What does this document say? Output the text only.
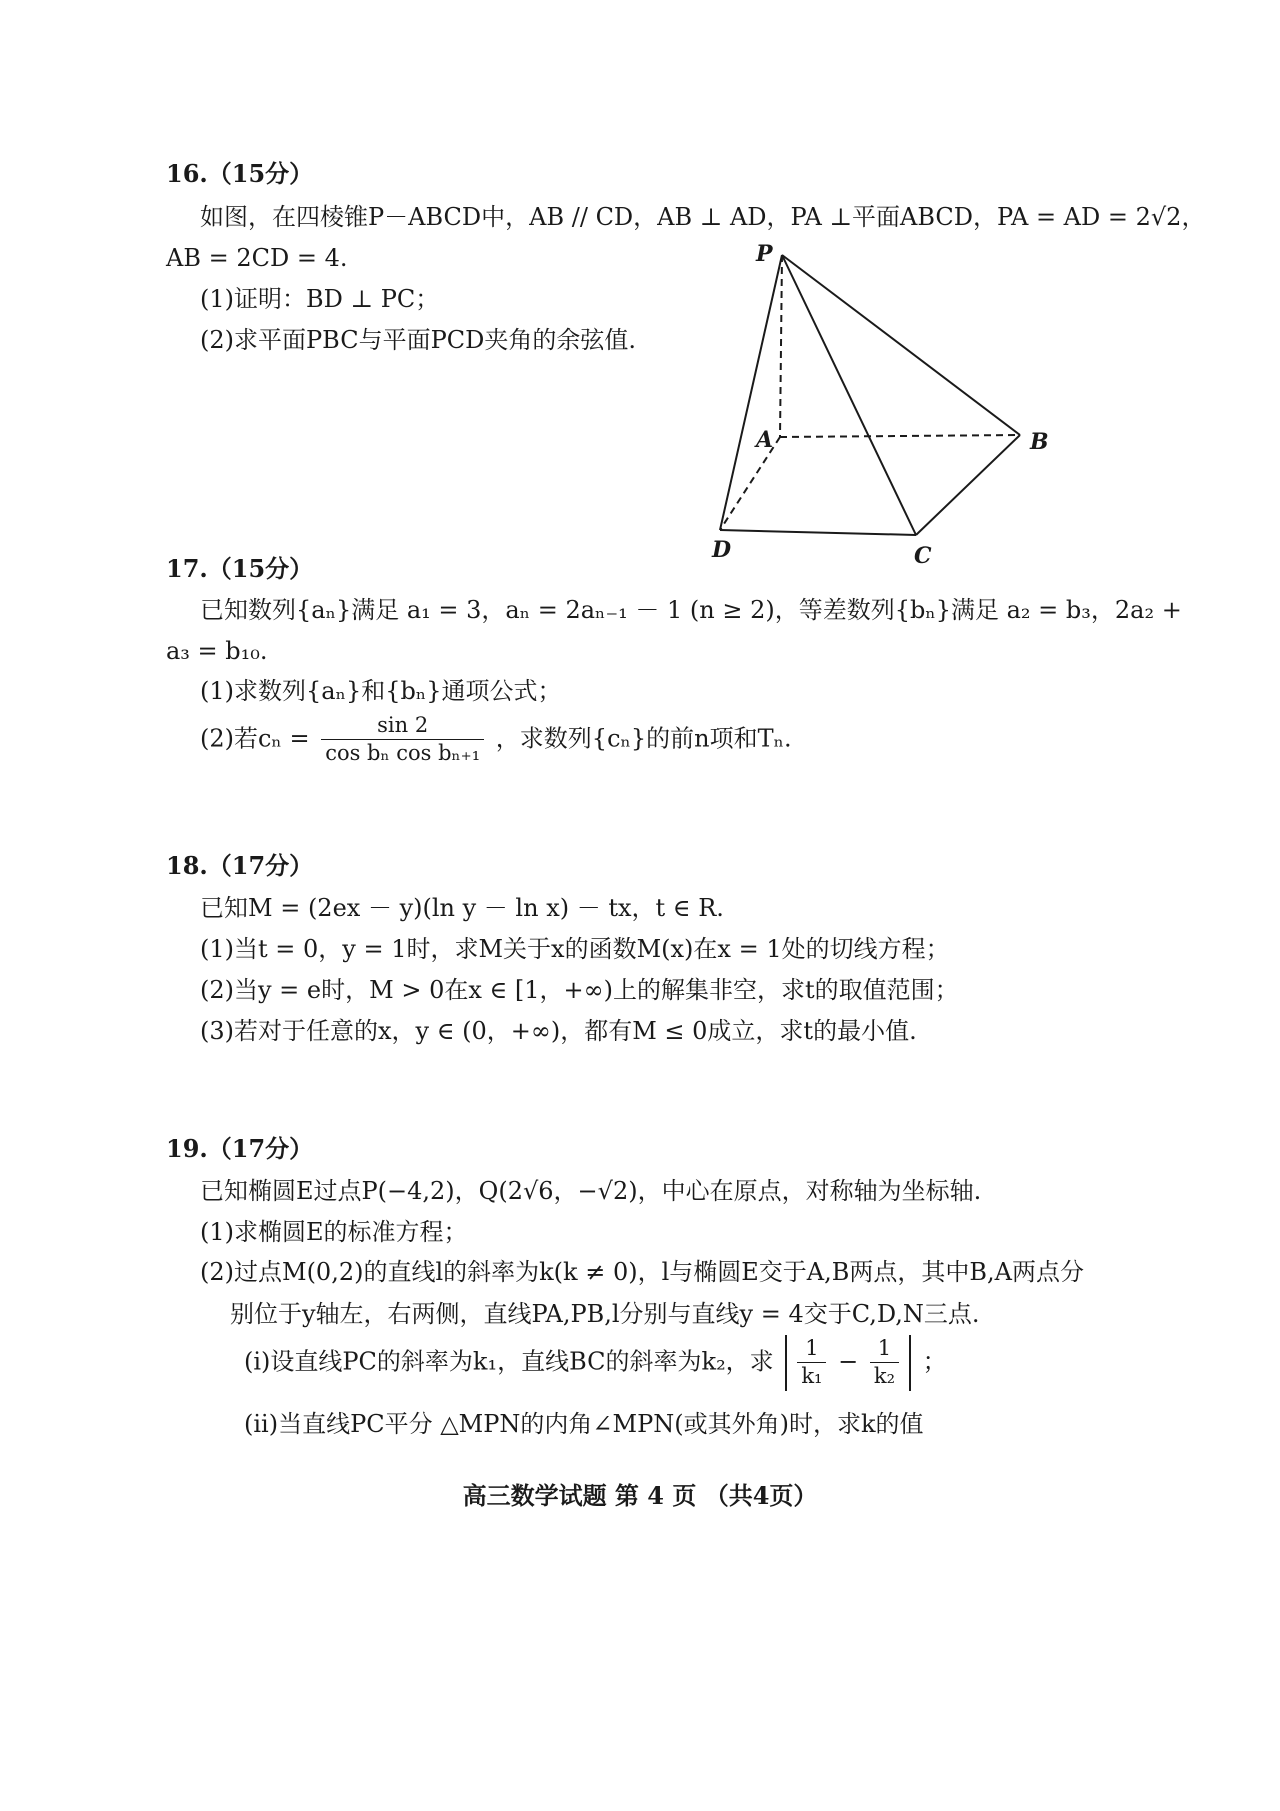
16.（15分）
如图，在四棱锥P－ABCD中，AB // CD，AB ⊥ AD，PA ⊥平面ABCD，PA = AD = 2√2，
AB = 2CD = 4.
(1)证明：BD ⊥ PC；
(2)求平面PBC与平面PCD夹角的余弦值.
P
A	B
C
D
17.（15分）
已知数列{aₙ}满足 a₁ = 3，aₙ = 2aₙ₋₁ － 1 (n ≥ 2)，等差数列{bₙ}满足 a₂ = b₃，2a₂ +
a₃ = b₁₀.
(1)求数列{aₙ}和{bₙ}通项公式；
(2)若$c_n = \frac{\sin 2}{\text{cos bₙ cos bₙ₊₁}}$ ，求数列{cₙ}的前n项和Tₙ.
18.（17分）
已知M = (2ex － y)(ln y － ln x) － tx，t ∈ R.
(1)当t = 0，y = 1时，求M关于x的函数M(x)在x = 1处的切线方程；
(2)当y = e时，M > 0在x ∈ [1，+∞)上的解集非空，求t的取值范围；
(3)若对于任意的x，y ∈ (0，+∞)，都有M ≤ 0成立，求t的最小值.
19.（17分）
已知椭圆E过点P(−4,2)，Q(2√6，−√2)，中心在原点，对称轴为坐标轴.
(1)求椭圆E的标准方程；
(2)过点M(0,2)的直线l的斜率为k(k ≠ 0)，l与椭圆E交于A,B两点，其中B,A两点分
别位于y轴左，右两侧，直线PA,PB,l分别与直线y = 4交于C,D,N三点.
(i)设直线PC的斜率为k₁，直线BC的斜率为k₂，求 $\frac{1}{\text{k₁}} - \frac{1}{\text{k₂}}$ ；
(ii)当直线PC平分 △MPN的内角∠MPN(或其外角)时，求k的值
高三数学试题 第 4 页 （共4页）
